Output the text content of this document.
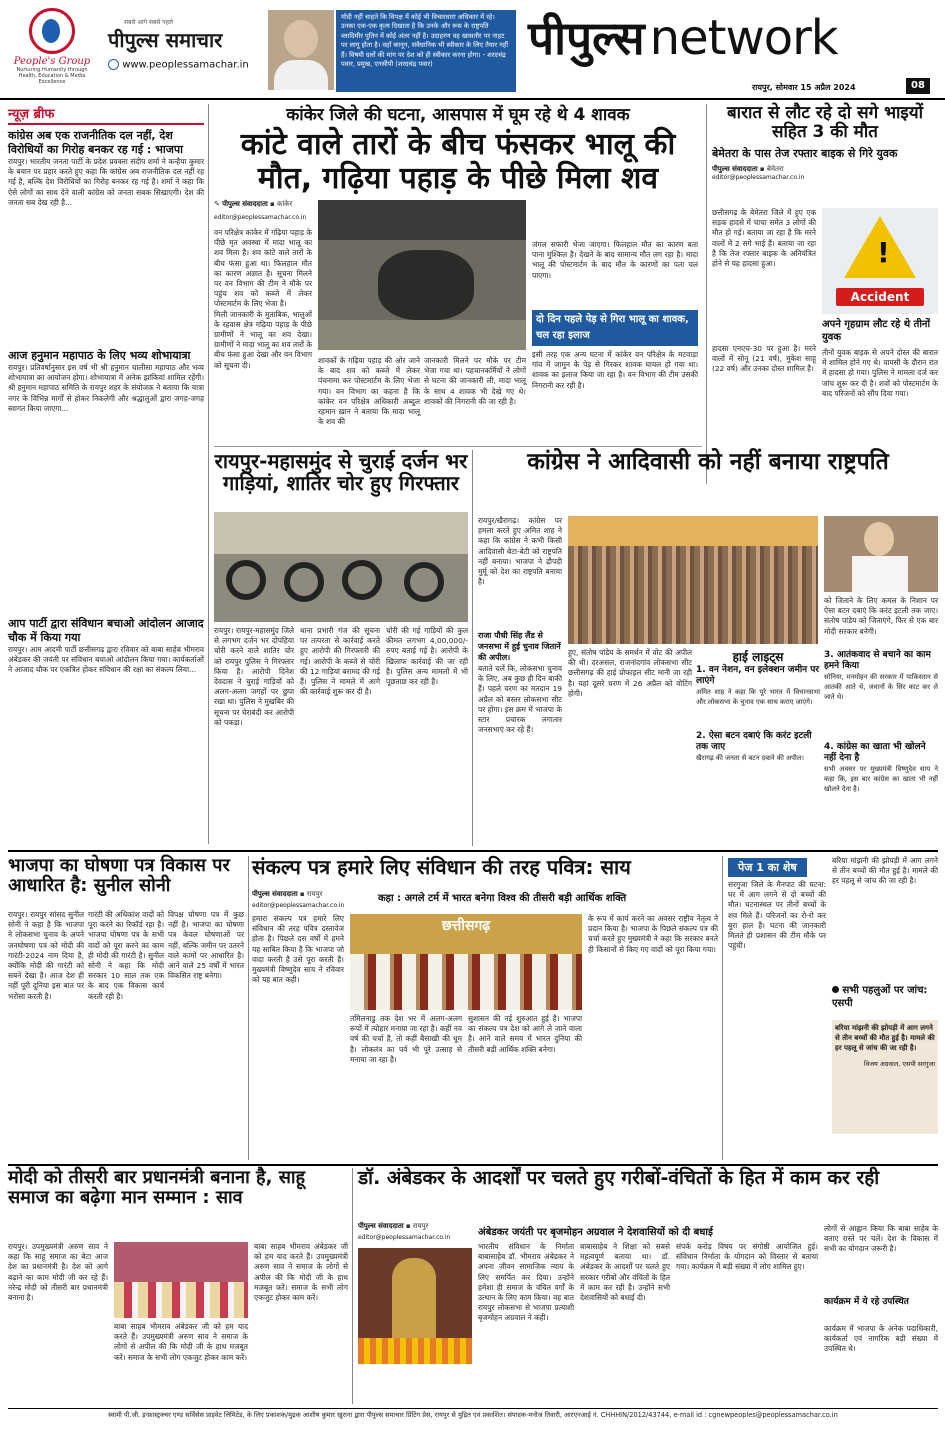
People's Group
Nurturing Humanity through Health, Education & Media Excellence
सबसे आगे सबसे पहले
पीपुल्स समाचार
www.peoplessamachar.in
मोदी नहीं चाहते कि विपक्ष में कोई भी विचारधारा अधिकार में रहे। उनका एक-एक कृत्य दिखाता है कि उनके और रूस के राष्ट्रपति व्लादिमीर पुतिन में कोई अंतर नहीं है। उदाहरण वह खासतौर पर नाहट पर लागू होता है। वहाँ कानून, संवैधानिक भी स्वीकार के लिए तैयार नहीं हैं। विषयी दलों की मांग पर देश को ही स्वीकार करना होगा। - शरदचंद्र पवार, प्रमुख, एनसीपी (शरदचंद्र पवार)	पीपुल्स network
रायपुर, सोमवार 15 अप्रैल 2024	08
न्यूज़ ब्रीफ
कांग्रेस अब एक राजनीतिक दल नहीं, देश विरोधियों का गिरोह बनकर रह गई : भाजपा
रायपुर। भारतीय जनता पार्टी के प्रदेश प्रवक्ता संदीप शर्मा ने कन्हैया कुमार के बयान पर प्रहार करते हुए कहा कि कांग्रेस अब राजनीतिक दल नहीं रह गई है, बल्कि देश विरोधियों का गिरोह बनकर रह गई है। शर्मा ने कहा कि ऐसे लोगों का साथ देने वाली कांग्रेस को जनता सबक सिखाएगी। देश की जनता सब देख रही है...
आज हनुमान महापाठ के लिए भव्य शोभायात्रा
रायपुर। प्रतिवर्षानुसार इस वर्ष भी श्री हनुमान चालीसा महापाठ और भव्य शोभायात्रा का आयोजन होगा। शोभायात्रा में अनेक झांकियां शामिल रहेंगी। श्री हनुमान महापाठ समिति के रायपुर शहर के संयोजक ने बताया कि यात्रा नगर के विभिन्न मार्गों से होकर निकलेगी और श्रद्धालुओं द्वारा जगह-जगह स्वागत किया जाएगा...
आप पार्टी द्वारा संविधान बचाओ आंदोलन आजाद चौक में किया गया
रायपुर। आम आदमी पार्टी छत्तीसगढ़ द्वारा रविवार को बाबा साहेब भीमराव अंबेडकर की जयंती पर संविधान बचाओ आंदोलन किया गया। कार्यकर्ताओं ने आजाद चौक पर एकत्रित होकर संविधान की रक्षा का संकल्प लिया...
कांकेर जिले की घटना, आसपास में घूम रहे थे 4 शावक
कांटे वाले तारों के बीच फंसकर भालू की मौत, गढ़िया पहाड़ के पीछे मिला शव
✎ पीपुल्स संवाददाता ▪ कांकेर
editor@peoplessamachar.co.in
वन परिक्षेत्र कांकेर में गढ़िया पहाड़ के पीछे मृत अवस्था में मादा भालू का शव मिला है। शव कांटे वाले तारों के बीच फंसा हुआ था। फिलहाल मौत का कारण अज्ञात है। सूचना मिलने पर वन विभाग की टीम ने मौके पर पहुंच शव को कब्जे में लेकर पोस्टमार्टम के लिए भेजा है।
मिली जानकारी के मुताबिक, भालुओं के रहवास क्षेत्र गढ़िया पहाड़ के पीछे ग्रामीणों ने भालू का शव देखा। ग्रामीणों ने मादा भालू का शव तारों के बीच फंसा हुआ देखा और वन विभाग को सूचना दी।
शावकों के गढ़िया पहाड़ की ओर जाने के बाद शव को कब्जे में लेकर पंचनामा कर पोस्टमार्टम के लिए भेजा गया। वन विभाग का कहना है कि कांकेर वन परिक्षेत्र अधिकारी अब्दुल रहमान ख़ान ने बताया कि मादा भालू के शव की
जानकारी मिलने पर मौके पर टीम भेजा गया था। पहचानकर्मियों ने लोगों से घटना की जानकारी ली, मादा भालू के साथ 4 शावक भी देखे गए थे। शावकों की निगरानी की जा रही है।
जंगल सफारी भेजा जाएगा। फिलहाल मौत का कारण बता पाना मुश्किल है। देखने के बाद सामान्य मौत लग रहा है। मादा भालू की पोस्टमार्टम के बाद मौत के कारणों का पता चल पाएगा।
दो दिन पहले पेड़ से गिरा भालू का शावक, चल रहा इलाज
इसी तरह एक अन्य घटना में कांकेर वन परिक्षेत्र के मटवाड़ा गांव में जामुन के पेड़ से गिरकर शावक घायल हो गया था। शावक का इलाज किया जा रहा है। वन विभाग की टीम उसकी निगरानी कर रही है।
बारात से लौट रहे दो सगे भाइयों सहित 3 की मौत
बेमेतरा के पास तेज रफ्तार बाइक से गिरे युवक
पीपुल्स संवाददाता ▪ बेमेतरा
editor@peoplessamachar.co.in
छत्तीसगढ़ के बेमेतरा जिले में हुए एक सड़क हादसे में चाचा समेत 3 लोगों की मौत हो गई। बताया जा रहा है कि मरने वालों में 2 सगे भाई हैं। बताया जा रहा है कि तेज रफ्तार बाइक के अनियंत्रित होने से यह हादसा हुआ।
हादसा एनएच-30 पर हुआ है। मरने वालों में सोनू (21 वर्ष), मुकेश साहू (22 वर्ष) और उनका दोस्त शामिल है।
!
Accident
अपने गृहग्राम लौट रहे थे तीनों युवक
तीनों युवक बाइक से अपने दोस्त की बारात में शामिल होने गए थे। वापसी के दौरान रात में हादसा हो गया। पुलिस ने मामला दर्ज कर जांच शुरू कर दी है। शवों को पोस्टमार्टम के बाद परिजनों को सौंप दिया गया।
रायपुर-महासमुंद से चुराई दर्जन भर गाड़ियां, शातिर चोर हुए गिरफ्तार
रायपुर। रायपुर-महासमुंद जिले से लगभग दर्जन भर दोपहिया चोरी करने वाले शातिर चोर को रायपुर पुलिस ने गिरफ्तार किया है। आरोपी दिनेश देवदास ने चुराई गाड़ियों को अलग-अलग जगहों पर छुपा रखा था। पुलिस ने मुखबिर की सूचना पर घेराबंदी कर आरोपी को पकड़ा।
थाना प्रभारी गंज की सूचना पर तत्परता से कार्रवाई करते हुए आरोपी की गिरफ्तारी की गई। आरोपी के कब्जे से चोरी की 12 गाड़ियां बरामद की गई हैं। पुलिस ने मामले में आगे की कार्रवाई शुरू कर दी है।
चोरी की गई गाड़ियों की कुल कीमत लगभग 4,00,000/- रुपए बताई गई है। आरोपी के खिलाफ कार्रवाई की जा रही है। पुलिस अन्य मामलों में भी पूछताछ कर रही है।
कांग्रेस ने आदिवासी को नहीं बनाया राष्ट्रपति
रायपुर/खैरागढ़। कांग्रेस पर हमला करते हुए अमित शाह ने कहा कि कांग्रेस ने कभी किसी आदिवासी बेटा-बेटी को राष्ट्रपति नहीं बनाया। भाजपा ने द्रौपदी मुर्मू को देश का राष्ट्रपति बनाया है।
राजा पौधी सिंह लैंड से जनसभा में हुई चुनाव जितानें की अपील।
बताते चलें कि, लोकसभा चुनाव के लिए, अब कुछ ही दिन बाकी हैं। पहले चरण का मतदान 19 अप्रैल को बस्तर लोकसभा सीट पर होगा। इस क्रम में भाजपा के स्टार प्रचारक लगातार जनसभाएं कर रहे हैं।
हुए, संतोष पांडेय के समर्थन में वोट की अपील की थी। दरअसल, राजनांदगांव लोकसभा सीट छत्तीसगढ़ की हाई प्रोफाइल सीट मानी जा रही है। यहां दूसरे चरण में 26 अप्रैल को वोटिंग होगी।
हाई लाइट्स
1. वन नेशन, वन इलेक्शन जमीन पर लाएंगे
अमित शाह ने कहा कि पूरे भारत में विधानसभा और लोकसभा के चुनाव एक साथ कराए जाएंगे।
2. ऐसा बटन दबाएं कि करंट इटली तक जाए
खैरागढ़ की जनता से बटन दबाने की अपील।
को जिताने के लिए कमल के निशान पर ऐसा बटन दबाएं कि करंट इटली तक जाए। संतोष पांडेय को जिताएंगे, फिर से एक बार मोदी सरकार बनेगी।
3. आतंकवाद से बचाने का काम हमने किया
सोनिया, मनमोहन की सरकार में पाकिस्तान से आतंकी आते थे, जवानों के सिर काट कर ले जाते थे।
4. कांग्रेस का खाता भी खोलने नहीं देना है
सभी अवसर पर मुख्यमंत्री विष्णुदेव साय ने कहा कि, इस बार कांग्रेस का खाता भी नहीं खोलने देना है।
भाजपा का घोषणा पत्र विकास पर आधारित है: सुनील सोनी
रायपुर। रायपुर सांसद सुनील सोनी ने कहा है कि भाजपा ने लोकसभा चुनाव के अपने जनघोषणा पत्र को मोदी की गारंटी-2024 नाम दिया है, क्योंकि मोदी की गारंटी को सबने देखा है। आज देश ही नहीं पूरी दुनिया इस बात पर भरोसा करती है।
गारंटी की अधिकांश वादों को पूरा करने का रिकॉर्ड रहा है। भाजपा घोषणा पत्र के सभी वादों को पूरा करने का काम ही मोदी की गारंटी है। सुनील सोनी ने कहा कि मोदी सरकार 10 साल तक एक के बाद एक विकास कार्य करती रही है।
विपक्ष घोषणा पत्र में कुछ नहीं है। भाजपा का घोषणा पत्र केवल घोषणाओं पर नहीं, बल्कि जमीन पर उतरने वाले कामों पर आधारित है। आने वाले 25 वर्षों में भारत विकसित राष्ट्र बनेगा।
संकल्प पत्र हमारे लिए संविधान की तरह पवित्र: साय
पीपुल्स संवाददाता ▪ रायपुर
editor@peoplessamachar.co.in
कहा : अगले टर्म में भारत बनेगा विश्व की तीसरी बड़ी आर्थिक शक्ति
हमारा संकल्प पत्र हमारे लिए संविधान की तरह पवित्र दस्तावेज होता है। पिछले दस वर्षों में हमने यह साबित किया है कि भाजपा जो वादा करती है उसे पूरा करती है। मुख्यमंत्री विष्णुदेव साय ने रविवार को यह बात कही।
छत्तीसगढ़
तमिलनाडु तक देश भर में अलग-अलग रूपों में त्योहार मनाया जा रहा है। कहीं नव वर्ष की चर्चा है, तो कहीं बैसाखी की धूम है। लोकतंत्र का पर्व भी पूरे उत्साह से मनाया जा रहा है।
सुशासन की नई शुरुआत हुई है। भाजपा का संकल्प पत्र देश को आगे ले जाने वाला है। आने वाले समय में भारत दुनिया की तीसरी बड़ी आर्थिक शक्ति बनेगा।
के रूप में कार्य करने का अवसर राष्ट्रीय नेतृत्व ने प्रदान किया है। भाजपा के पिछले संकल्प पत्र की चर्चा करते हुए मुख्यमंत्री ने कहा कि सरकार बनते ही किसानों से किए गए वादों को पूरा किया गया।
पेज 1 का शेष
सरगुजा जिले के मैनपाट की घटना: घर में आग लगने से दो बच्चों की मौत। घटनास्थल पर तीनों बच्चों के शव मिले हैं। परिजनों का रो-रो कर बुरा हाल है। घटना की जानकारी मिलते ही प्रशासन की टीम मौके पर पहुंची।
बरिया मांझनी की झोपड़ी में आग लगने से तीन बच्चों की मौत हुई है। मामले की हर पहलू से जांच की जा रही है।
सभी पहलुओं पर जांच: एसपी
बरिया मांझनी की झोपड़ी में आग लगने से तीन बच्चों की मौत हुई है। मामले की हर पहलू से जांच की जा रही है।
विजय अग्रवाल, एसपी सरगुजा
मोदी को तीसरी बार प्रधानमंत्री बनाना है, साहू समाज का बढ़ेगा मान सम्मान : साव
रायपुर। उपमुख्यमंत्री अरुण साव ने कहा कि साहू समाज का बेटा आज देश का प्रधानमंत्री है। देश को आगे बढ़ाने का काम मोदी जी कर रहे हैं। नरेन्द्र मोदी को तीसरी बार प्रधानमंत्री बनाना है।
बाबा साहब भीमराव अंबेडकर जी को हम याद करते हैं। उपमुख्यमंत्री अरुण साव ने समाज के लोगों से अपील की कि मोदी जी के हाथ मजबूत करें। समाज के सभी लोग एकजुट होकर काम करें।
बाबा साहब भीमराव अंबेडकर जी को हम याद करते हैं। उपमुख्यमंत्री अरुण साव ने समाज के लोगों से अपील की कि मोदी जी के हाथ मजबूत करें। समाज के सभी लोग एकजुट होकर काम करें।
डॉ. अंबेडकर के आदर्शों पर चलते हुए गरीबों-वंचितों के हित में काम कर रही
पीपुल्स संवाददाता ▪ रायपुर
editor@peoplessamachar.co.in	अंबेडकर जयंती पर बृजमोहन अग्रवाल ने देशवासियों को दी बधाई
भारतीय संविधान के निर्माता बाबासाहेब डॉ. भीमराव अंबेडकर ने अपना जीवन सामाजिक न्याय के लिए समर्पित कर दिया। उन्होंने हमेशा ही समाज के वंचित वर्गों के उत्थान के लिए काम किया। वह बात रायपुर लोकसभा से भाजपा प्रत्याशी बृजमोहन अग्रवाल ने कही।
बाबासाहेब ने शिक्षा को सबसे महत्वपूर्ण बताया था। डॉ. अंबेडकर के आदर्शों पर चलते हुए सरकार गरीबों और वंचितों के हित में काम कर रही है। उन्होंने सभी देशवासियों को बधाई दी।
संपर्क करोड़ विषय पर संगोष्ठी आयोजित हुई। संविधान निर्माता के योगदान को विस्तार से बताया गया। कार्यक्रम में बड़ी संख्या में लोग शामिल हुए।
लोगों से आह्वान किया कि बाबा साहेब के बताए रास्ते पर चलें। देश के विकास में सभी का योगदान जरूरी है।
कार्यक्रम में ये रहे उपस्थित
कार्यक्रम में भाजपा के अनेक पदाधिकारी, कार्यकर्ता एवं नागरिक बड़ी संख्या में उपस्थित थे।
स्वामी पी.जी. इन्फ्रास्ट्रक्चर एण्ड सर्विसेस प्राइवेट लिमिटेड, के लिए प्रकाशक/मुद्रक आशीष कुमार खुराना द्वारा पीपुल्स समाचार प्रिंटिंग प्रेस, रायपुर से मुद्रित एवं प्रकाशित। संपादक-मनोज तिवारी, आरएनआई नं. CHHHIN/2012/43744, e-mail id : cgnewpeoples@peoplessamachar.co.in
